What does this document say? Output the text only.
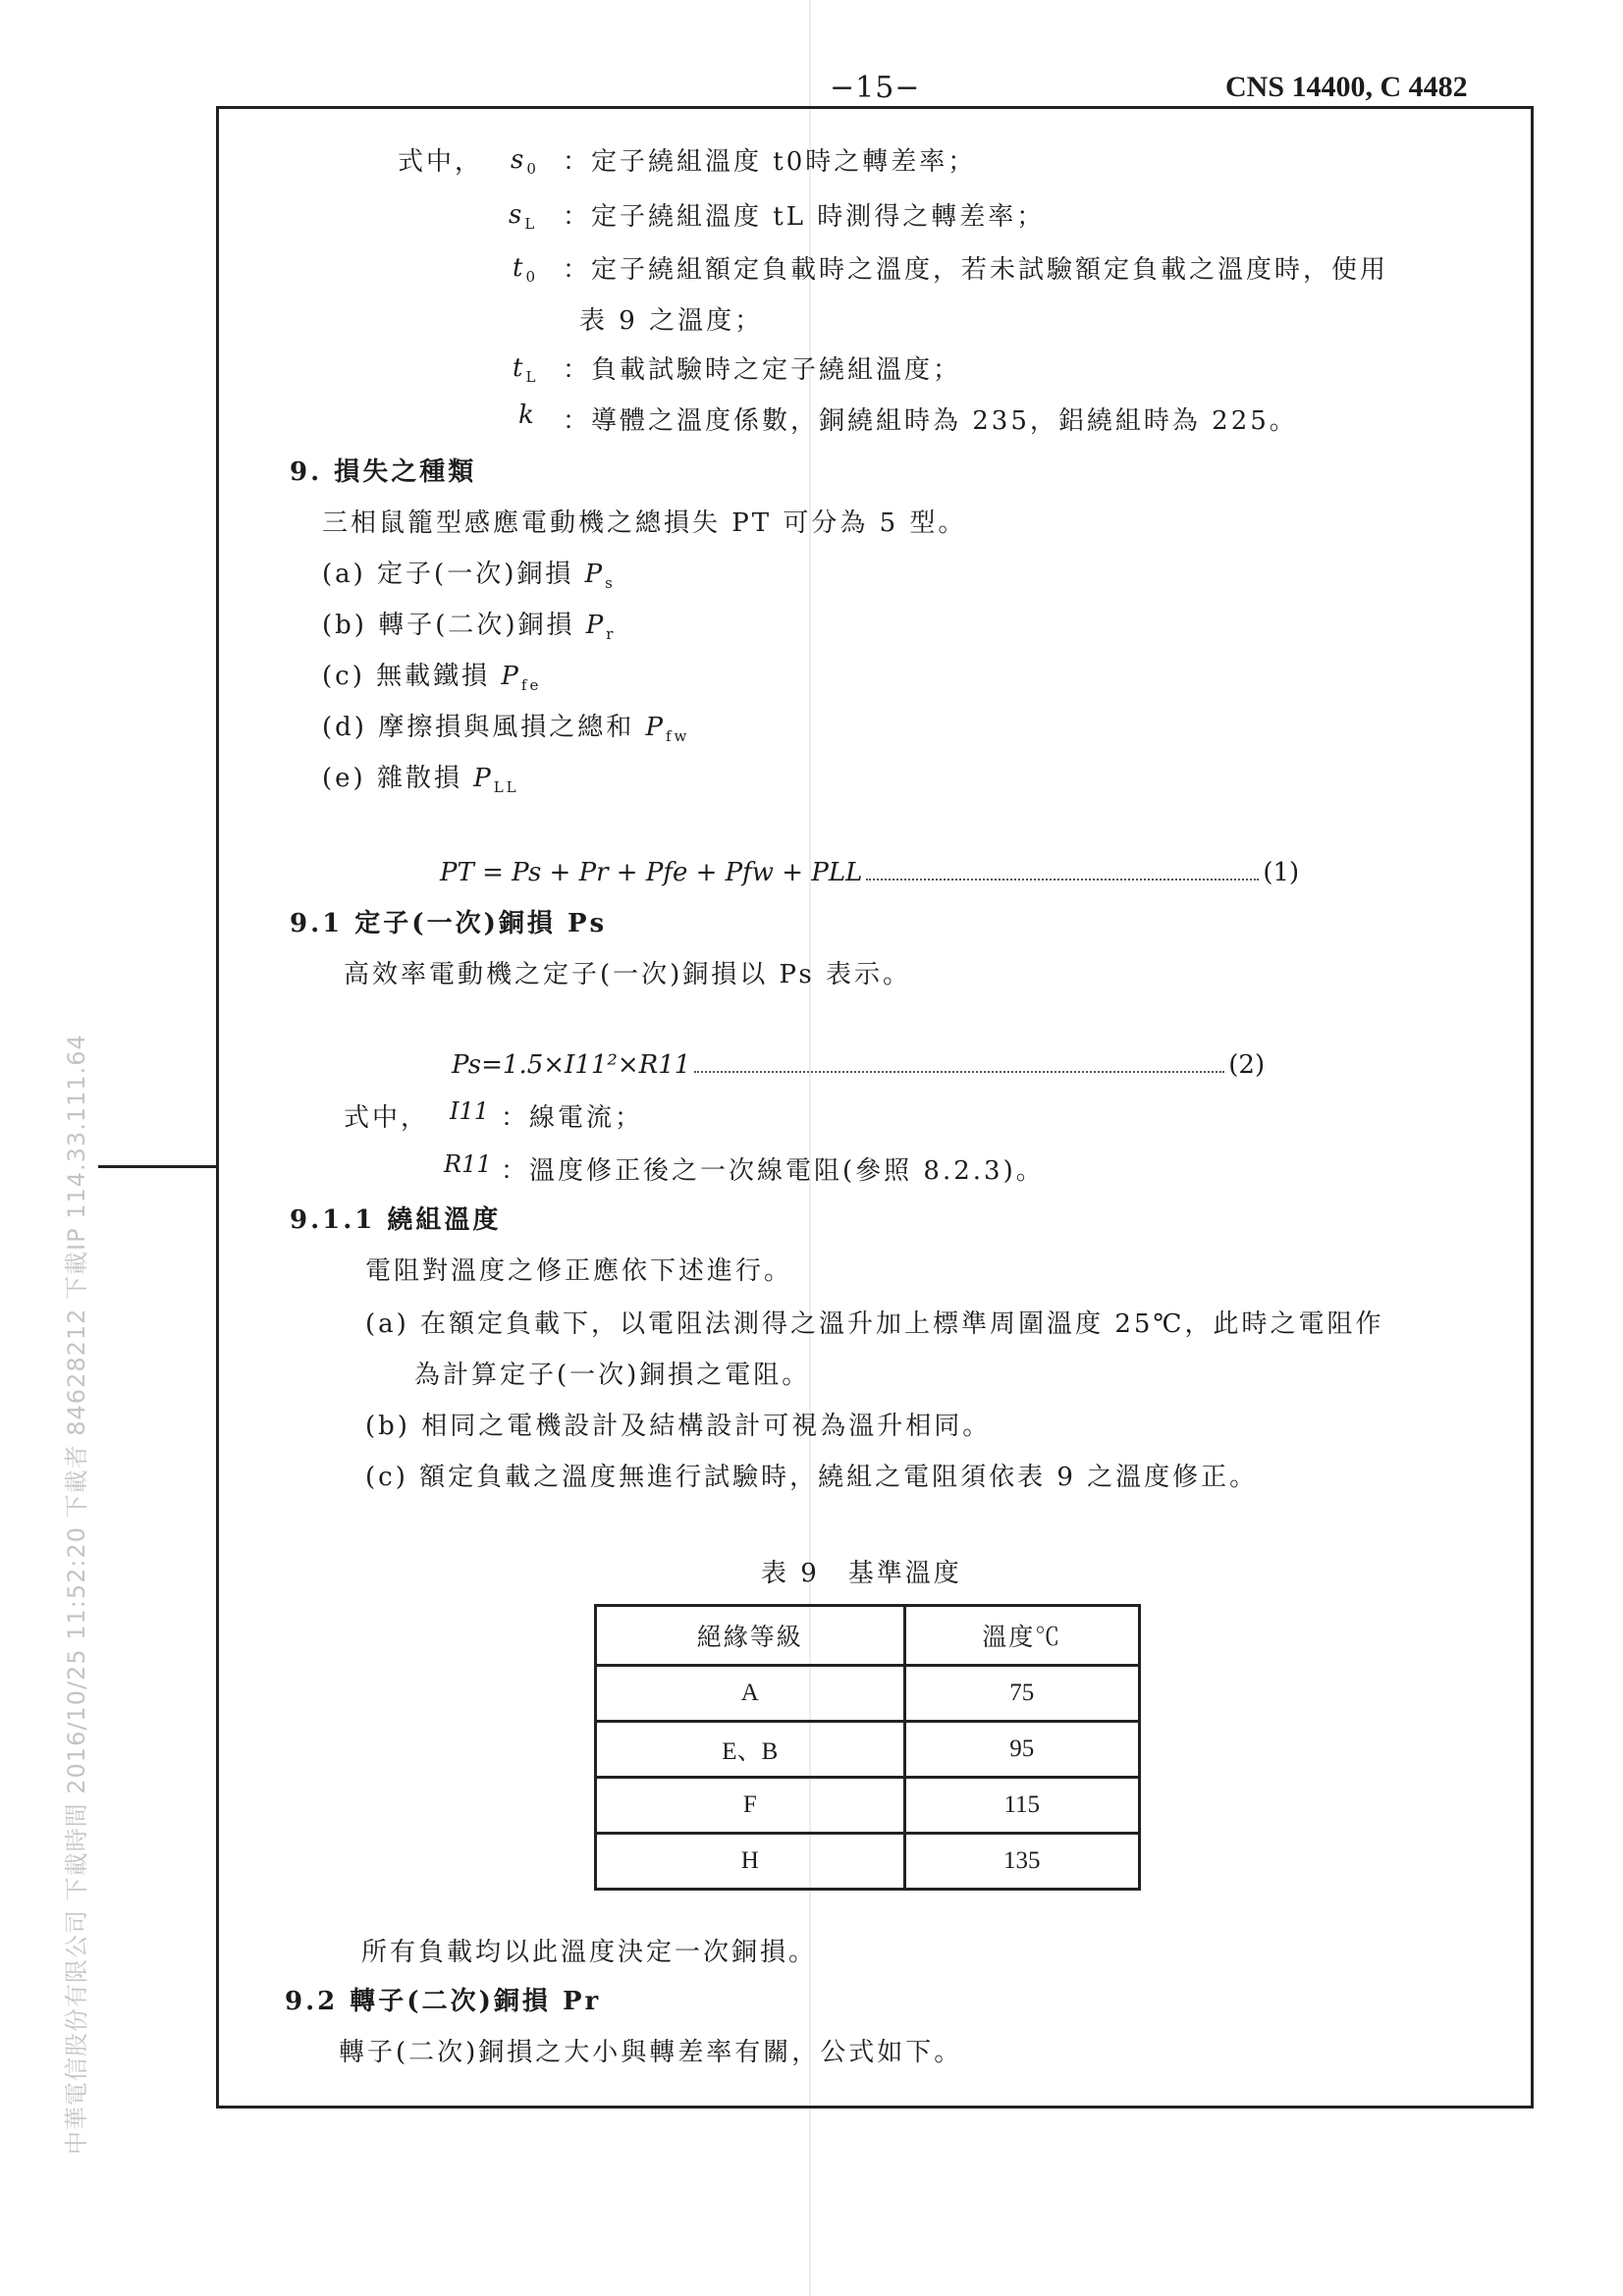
−15−	CNS 14400, C 4482
中華電信股份有限公司 下載時間 2016/10/25 11:52:20 下載者 84628212 下載IP 114.33.111.64
式中， $s_0$ ：定子繞組溫度 t0時之轉差率；
$s_L$ ：定子繞組溫度 tL 時測得之轉差率；
$t_0$ ：定子繞組額定負載時之溫度，若未試驗額定負載之溫度時，使用
表 9 之溫度；
$t_L$ ：負載試驗時之定子繞組溫度；
k ：導體之溫度係數，銅繞組時為 235，鋁繞組時為 225。
9. 損失之種類
三相鼠籠型感應電動機之總損失 PT 可分為 5 型。
(a) 定子(一次)銅損 $P_s$
(b) 轉子(二次)銅損 $P_r$
(c) 無載鐵損 $P_{fe}$
(d) 摩擦損與風損之總和 $P_{fw}$
(e) 雜散損 $P_{LL}$
PT = Ps + Pr + Pfe + Pfw + PLL	(1)
9.1 定子(一次)銅損 Ps
高效率電動機之定子(一次)銅損以 Ps 表示。
Ps=1.5×I11²×R11	(2)
式中， I11 ：線電流；
R11 ：溫度修正後之一次線電阻(參照 8.2.3)。
9.1.1 繞組溫度
電阻對溫度之修正應依下述進行。
(a) 在額定負載下，以電阻法測得之溫升加上標準周圍溫度 25℃，此時之電阻作
為計算定子(一次)銅損之電阻。
(b) 相同之電機設計及結構設計可視為溫升相同。
(c) 額定負載之溫度無進行試驗時，繞組之電阻須依表 9 之溫度修正。
表 9　基準溫度
絕緣等級	溫度℃
A	75
E、B	95
F	115
H	135
所有負載均以此溫度決定一次銅損。
9.2 轉子(二次)銅損 Pr
轉子(二次)銅損之大小與轉差率有關，公式如下。
